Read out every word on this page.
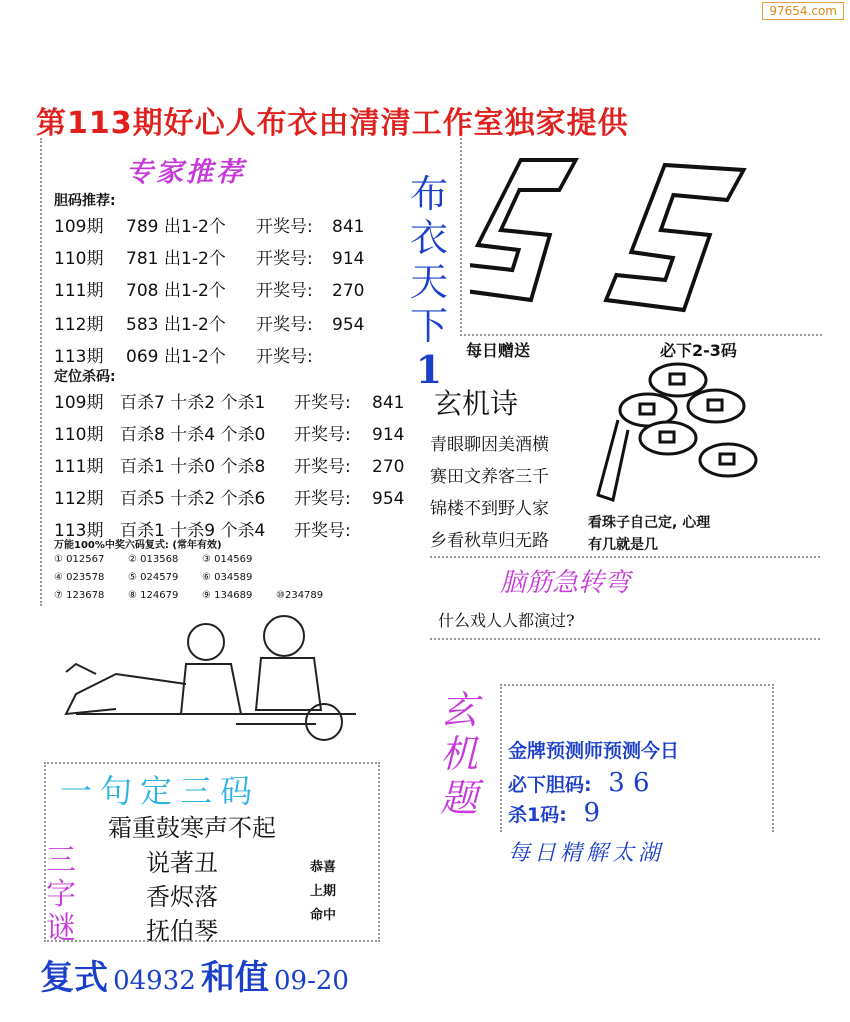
97654.com
第113期好心人布衣由清清工作室独家提供
专家推荐
胆码推荐:
109期 789 出1-2个 开奖号: 841
110期 781 出1-2个 开奖号: 914
111期 708 出1-2个 开奖号: 270
112期 583 出1-2个 开奖号: 954
113期 069 出1-2个 开奖号:
定位杀码:
109期 百杀7 十杀2 个杀1 开奖号: 841
110期 百杀8 十杀4 个杀0 开奖号: 914
111期 百杀1 十杀0 个杀8 开奖号: 270
112期 百杀5 十杀2 个杀6 开奖号: 954
113期 百杀1 十杀9 个杀4 开奖号:
万能100%中奖六码复式: (常年有效)
① 012567 ② 013568 ③ 014569
④ 023578 ⑤ 024579 ⑥ 034589
⑦ 123678 ⑧ 124679 ⑨ 134689 ⑩234789
布
衣
天
下
1	每日赠送	必下2-3码
玄机诗
青眼聊因美酒横
赛田文养客三千
锦楼不到野人家
乡看秋草归无路
看珠子自己定, 心理
有几就是几
脑筋急转弯
什么戏人人都演过?
玄
机
题
金牌预测师预测今日
必下胆码: 3 6
杀1码: 9
每日精解太湖
一句定三码
霜重鼓寒声不起
三
字
谜
说著丑
香烬落
抚伯琴
恭喜
上期
命中
复式 04932 和值 09-20
